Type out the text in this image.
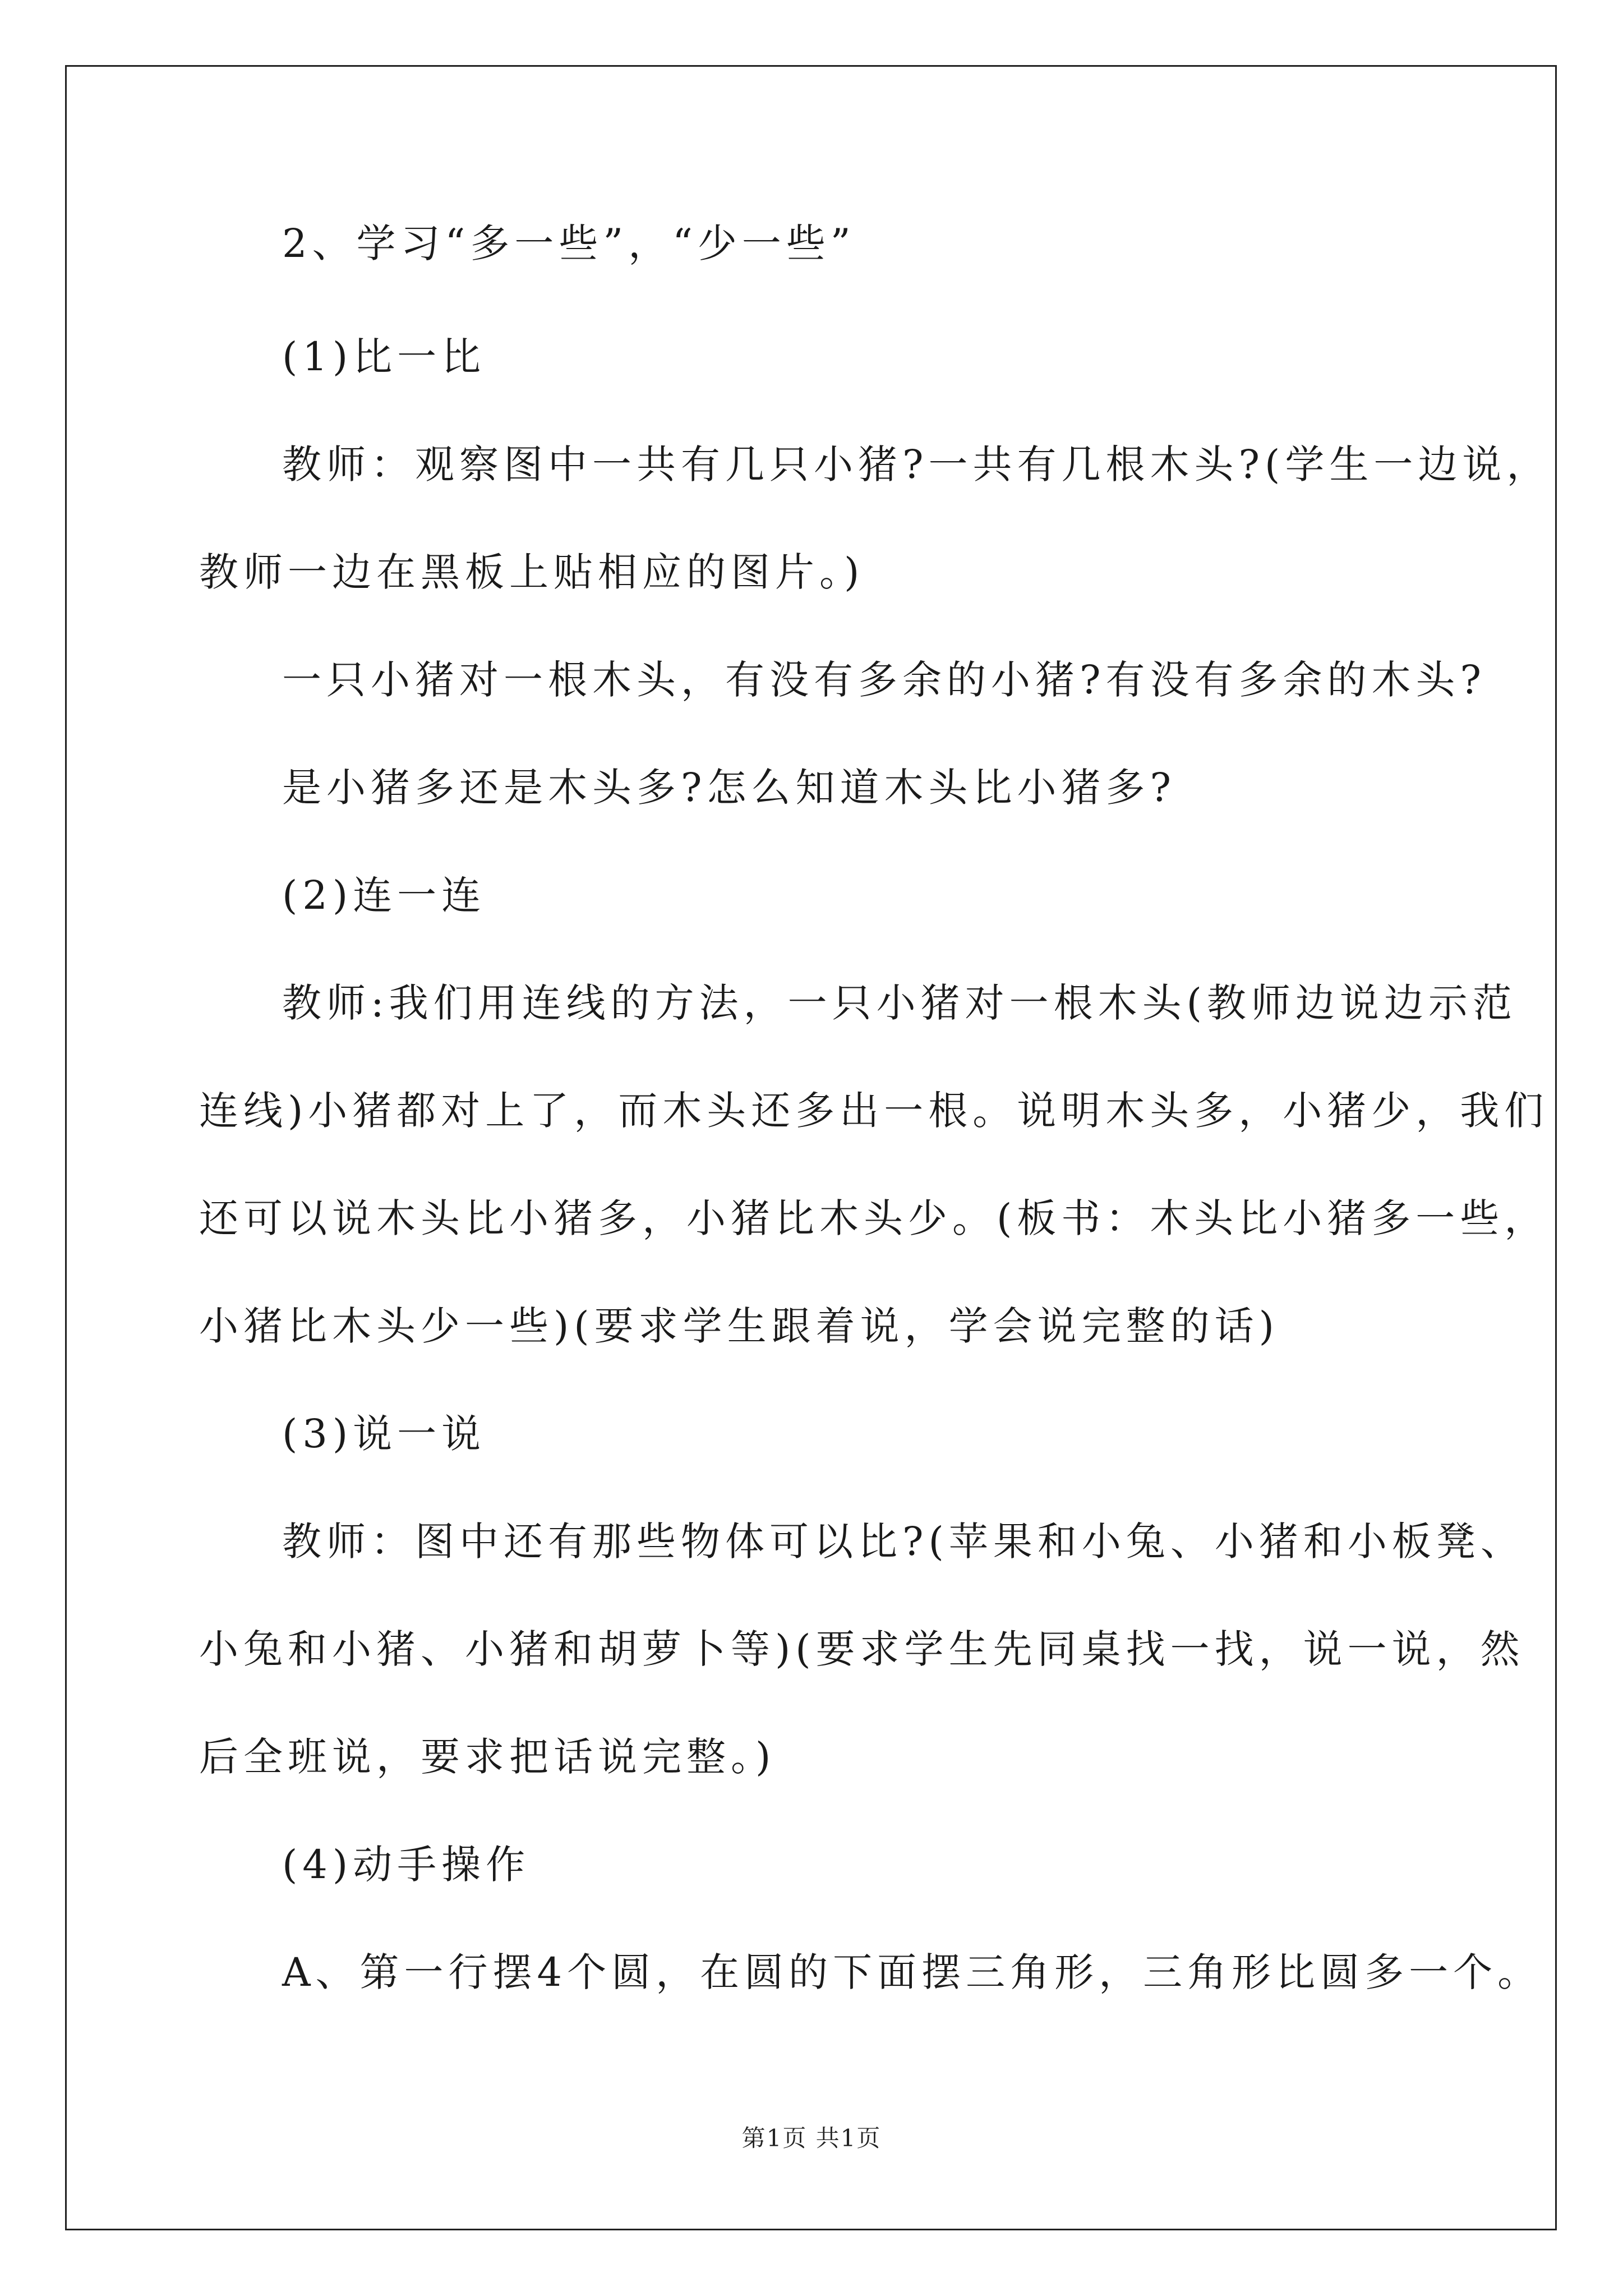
2、学习“多一些”，“少一些”
(1)比一比
教师：观察图中一共有几只小猪?一共有几根木头?(学生一边说，
教师一边在黑板上贴相应的图片。)
一只小猪对一根木头，有没有多余的小猪?有没有多余的木头?
是小猪多还是木头多?怎么知道木头比小猪多?
(2)连一连
教师:我们用连线的方法，一只小猪对一根木头(教师边说边示范
连线)小猪都对上了，而木头还多出一根。说明木头多，小猪少，我们
还可以说木头比小猪多，小猪比木头少。(板书：木头比小猪多一些，
小猪比木头少一些)(要求学生跟着说，学会说完整的话)
(3)说一说
教师：图中还有那些物体可以比?(苹果和小兔、小猪和小板凳、
小兔和小猪、小猪和胡萝卜等)(要求学生先同桌找一找，说一说，然
后全班说，要求把话说完整。)
(4)动手操作
A、第一行摆4个圆，在圆的下面摆三角形，三角形比圆多一个。
第1页 共1页
